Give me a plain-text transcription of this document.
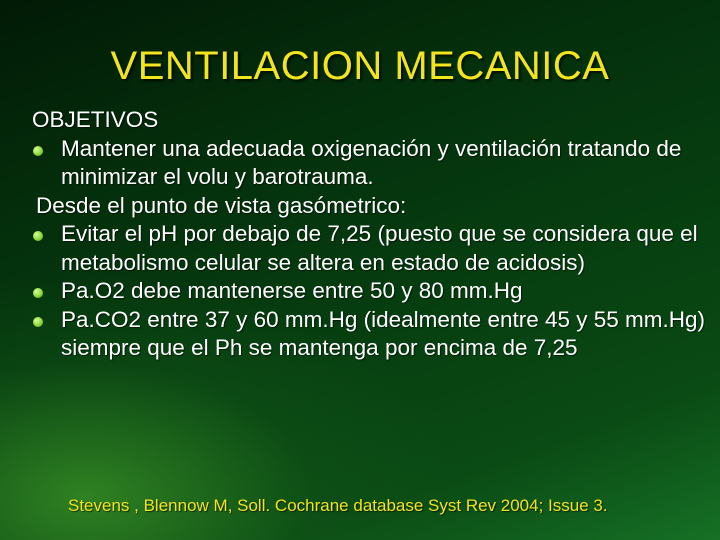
VENTILACION MECANICA
OBJETIVOS
Mantener una adecuada oxigenación y ventilación tratando de minimizar el volu y barotrauma.
Desde el punto de vista gasómetrico:
Evitar el pH por debajo de 7,25 (puesto que se considera que el metabolismo celular se altera en estado de acidosis)
Pa.O2 debe mantenerse entre 50 y 80 mm.Hg
Pa.CO2 entre 37 y 60 mm.Hg (idealmente entre 45 y 55 mm.Hg) siempre que el Ph se mantenga por encima de 7,25
Stevens , Blennow M, Soll. Cochrane database Syst Rev 2004; Issue 3.
